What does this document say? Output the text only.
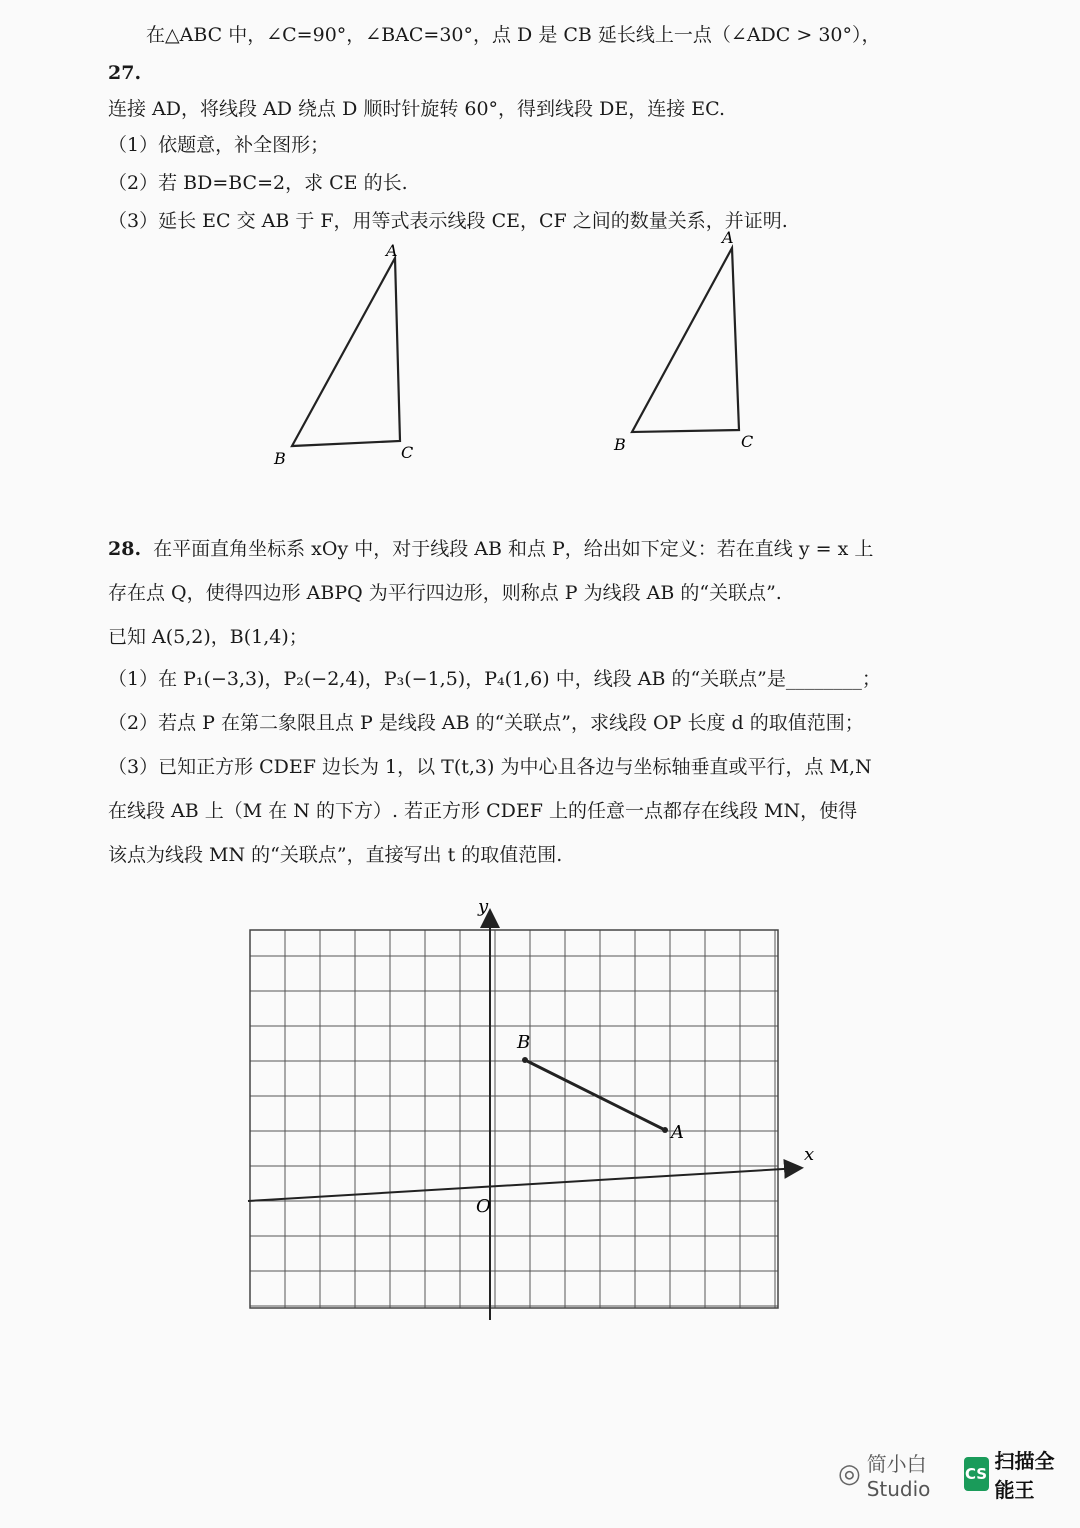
在△ABC 中，∠C=90°，∠BAC=30°，点 D 是 CB 延长线上一点（∠ADC > 30°），
27.
连接 AD，将线段 AD 绕点 D 顺时针旋转 60°，得到线段 DE，连接 EC.
（1）依题意，补全图形；
（2）若 BD=BC=2，求 CE 的长.
（3）延长 EC 交 AB 于 F，用等式表示线段 CE，CF 之间的数量关系，并证明.
A
B	C
A
B	C
28. 在平面直角坐标系 xOy 中，对于线段 AB 和点 P，给出如下定义：若在直线 y = x 上
存在点 Q，使得四边形 ABPQ 为平行四边形，则称点 P 为线段 AB 的“关联点”.
已知 A(5,2)，B(1,4)；
（1）在 P₁(−3,3)，P₂(−2,4)，P₃(−1,5)，P₄(1,6) 中，线段 AB 的“关联点”是________；
（2）若点 P 在第二象限且点 P 是线段 AB 的“关联点”，求线段 OP 长度 d 的取值范围；
（3）已知正方形 CDEF 边长为 1，以 T(t,3) 为中心且各边与坐标轴垂直或平行，点 M,N
在线段 AB 上（M 在 N 的下方）. 若正方形 CDEF 上的任意一点都存在线段 MN，使得
该点为线段 MN 的“关联点”，直接写出 t 的取值范围.
x
y
O
B
A
◎ 简小白Studio
CS
扫描全能王
